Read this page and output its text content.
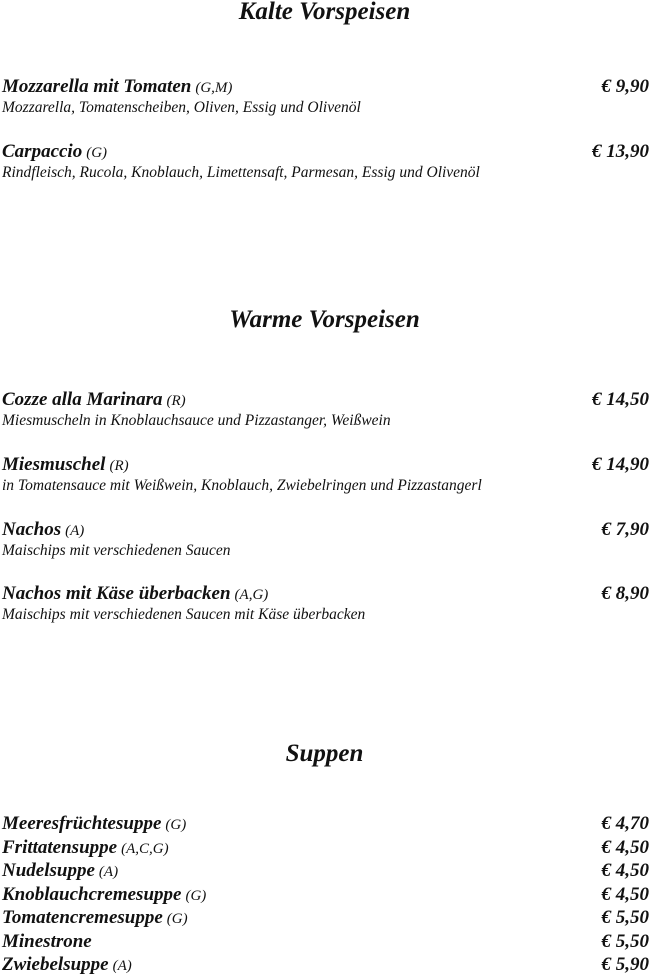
Kalte Vorspeisen
Mozzarella mit Tomaten (G,M)	€ 9,90
Mozzarella, Tomatenscheiben, Oliven, Essig und Olivenöl
Carpaccio (G)	€ 13,90
Rindfleisch, Rucola, Knoblauch, Limettensaft, Parmesan, Essig und Olivenöl
Warme Vorspeisen
Cozze alla Marinara (R)	€ 14,50
Miesmuscheln in Knoblauchsauce und Pizzastanger, Weißwein
Miesmuschel (R)	€ 14,90
in Tomatensauce mit Weißwein, Knoblauch, Zwiebelringen und Pizzastangerl
Nachos (A)	€ 7,90
Maischips mit verschiedenen Saucen
Nachos mit Käse überbacken (A,G)	€ 8,90
Maischips mit verschiedenen Saucen mit Käse überbacken
Suppen
Meeresfrüchtesuppe (G)	€ 4,70
Frittatensuppe (A,C,G)	€ 4,50
Nudelsuppe (A)	€ 4,50
Knoblauchcremesuppe (G)	€ 4,50
Tomatencremesuppe (G)	€ 5,50
Minestrone	€ 5,50
Zwiebelsuppe (A)	€ 5,90
